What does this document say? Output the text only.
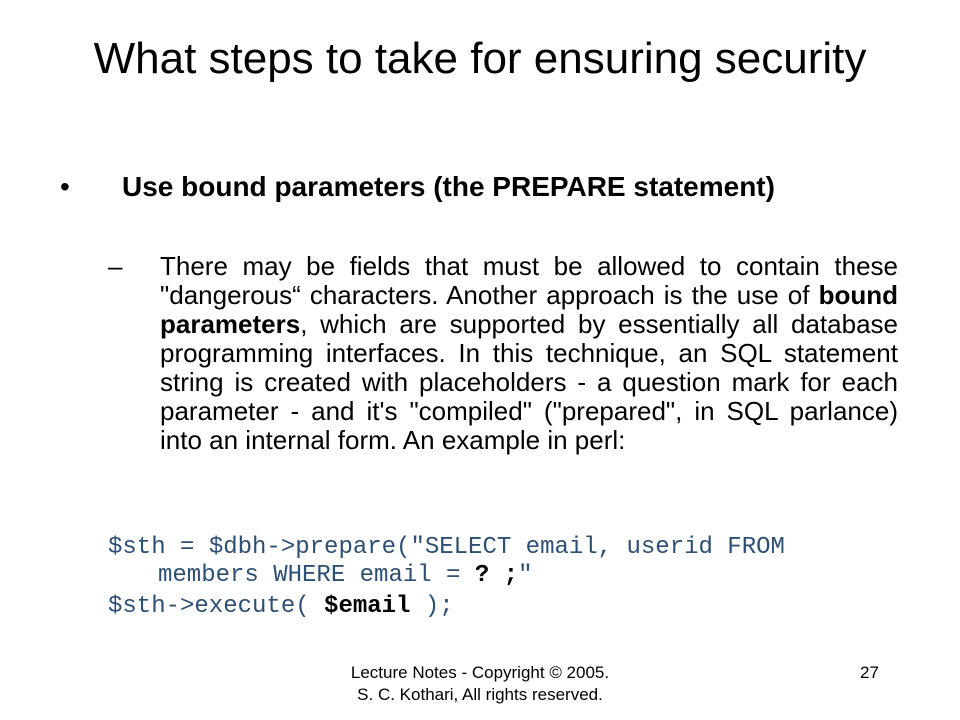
What steps to take for ensuring security
• Use bound parameters (the PREPARE statement)
– There may be fields that must be allowed to contain these "dangerous“ characters. Another approach is the use of bound parameters, which are supported by essentially all database programming interfaces. In this technique, an SQL statement string is created with placeholders - a question mark for each parameter - and it's "compiled" ("prepared", in SQL parlance) into an internal form. An example in perl:
$sth = $dbh->prepare("SELECT email, userid FROM
members WHERE email = ? ;"
$sth->execute( $email );
Lecture Notes - Copyright © 2005.
S. C. Kothari, All rights reserved.
27
